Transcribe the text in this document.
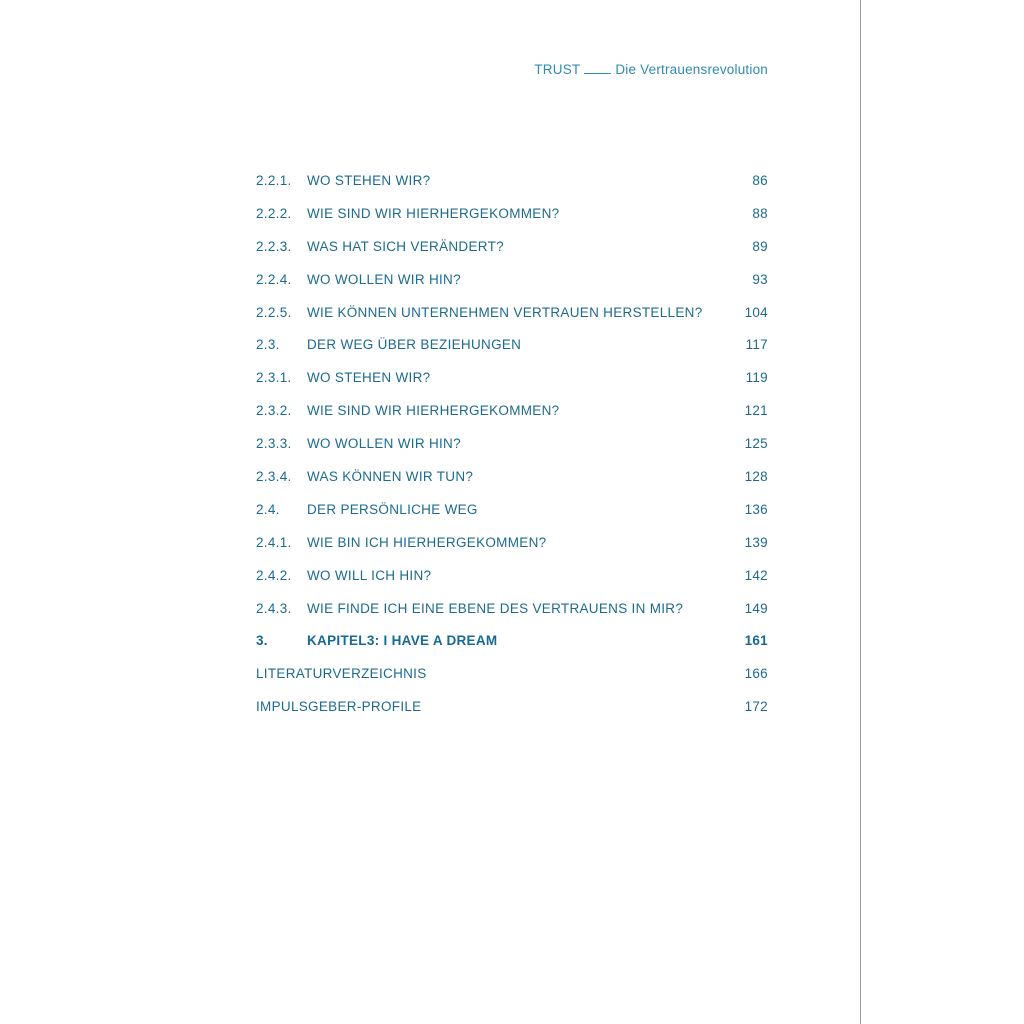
TRUST	Die Vertrauensrevolution
2.2.1. WO STEHEN WIR?	86
2.2.2. WIE SIND WIR HIERHERGEKOMMEN?	88
2.2.3. WAS HAT SICH VERÄNDERT?	89
2.2.4. WO WOLLEN WIR HIN?	93
2.2.5. WIE KÖNNEN UNTERNEHMEN VERTRAUEN HERSTELLEN?	104
2.3. DER WEG ÜBER BEZIEHUNGEN	117
2.3.1. WO STEHEN WIR?	119
2.3.2. WIE SIND WIR HIERHERGEKOMMEN?	121
2.3.3. WO WOLLEN WIR HIN?	125
2.3.4. WAS KÖNNEN WIR TUN?	128
2.4. DER PERSÖNLICHE WEG	136
2.4.1. WIE BIN ICH HIERHERGEKOMMEN?	139
2.4.2. WO WILL ICH HIN?	142
2.4.3. WIE FINDE ICH EINE EBENE DES VERTRAUENS IN MIR?	149
3.	KAPITEL3: I HAVE A DREAM	161
LITERATURVERZEICHNIS	166
IMPULSGEBER-PROFILE	172
